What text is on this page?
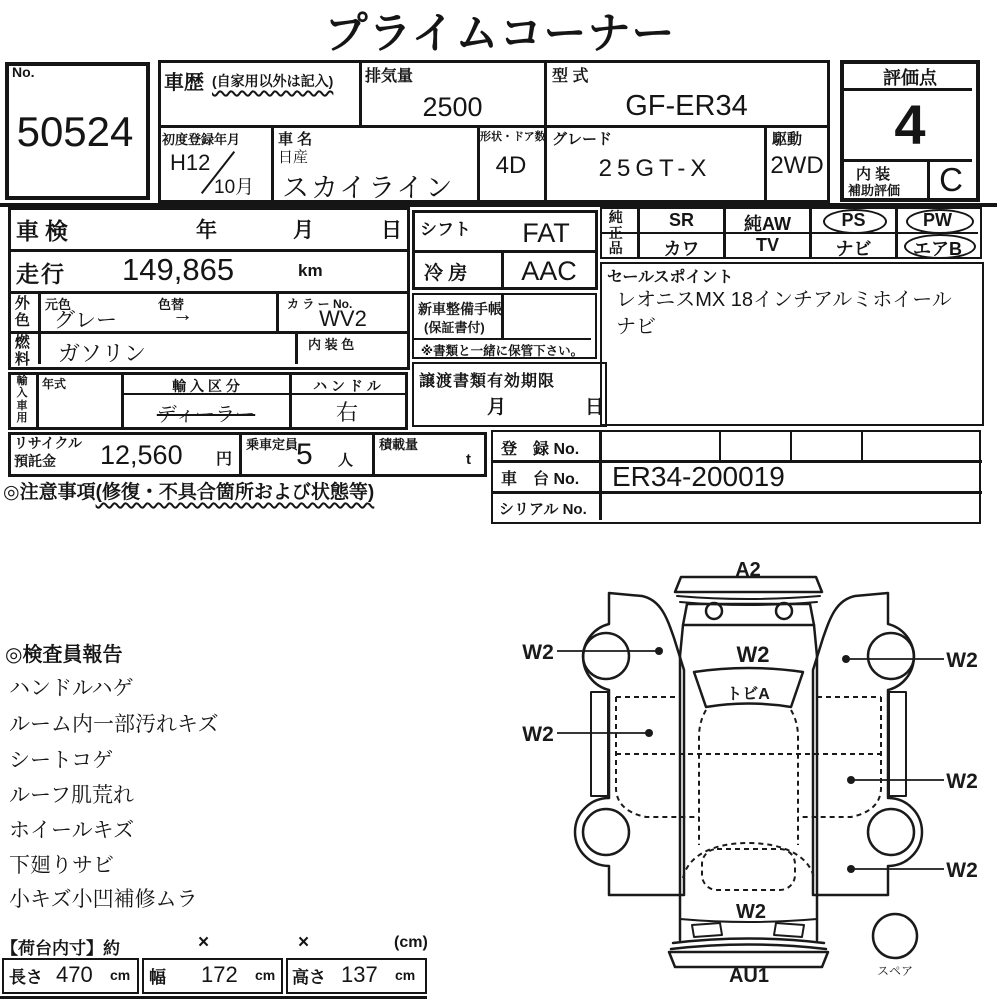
プライムコーナー
No.
50524
車歴 (自家用以外は記入) 排気量
2500
型 式
GF-ER34
初度登録年月
H12
10月
車 名
日産
スカイライン
形状・ドア数
4D
グレード
25GT-X
駆動
2WD
評価点
4
内 装
補助評価	C
車検	年	月	日
走行 149,865	km
外色
元色
グレー
色替
→	カ ラ ー No.
WV2
燃料 ガソリン	内 装 色
輸入車用
年式	輸 入 区 分
ディーラー
ハ ン ド ル
右
リサイクル
預託金 12,560 円
乗車定員
5 人
積載量
t
◎注意事項(修復・不具合箇所および状態等)
シフト	FAT
冷 房	AAC
新車整備手帳
(保証書付)
※書類と一緒に保管下さい。
譲渡書類有効期限
月	日
純正品
SR	純AW	PS	PW
カワ	TV	ナビ	エアB
セールスポイント
レオニスMX 18インチアルミホイール
ナビ
登　録 No.
車　台 No. ER34-200019
シリアル No.
◎検査員報告
ハンドルハゲ
ルーム内一部汚れキズ
シートコゲ
ルーフ肌荒れ
ホイールキズ
下廻りサビ
小キズ小凹補修ムラ
【荷台内寸】約	×	×	(cm)
長さ 470 cm 幅 172 cm 高さ 137 cm
A2
W2
トビA
W2
W2
W2
W2
W2
W2
AU1	スペア
